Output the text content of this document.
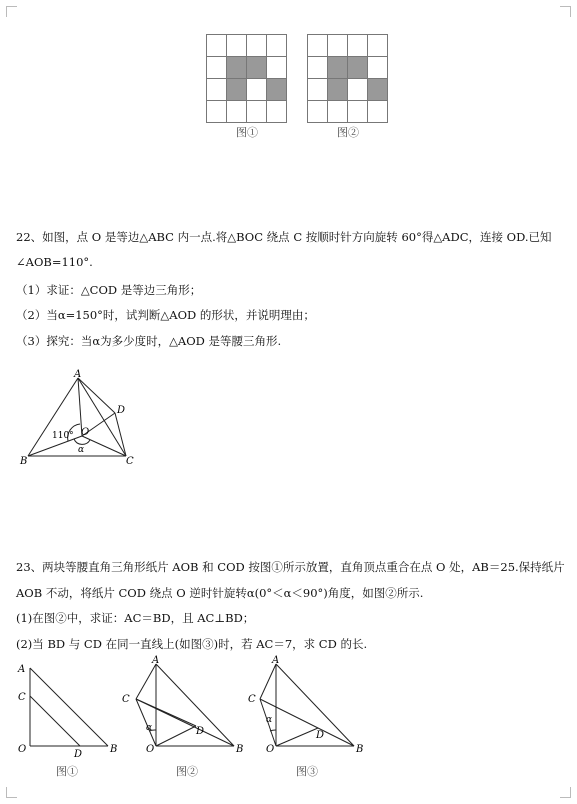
图①	图②
22、如图，点 O 是等边△ABC 内一点.将△BOC 绕点 C 按顺时针方向旋转 60°得△ADC，连接 OD.已知
∠AOB=110°.
（1）求证：△COD 是等边三角形；
（2）当α=150°时，试判断△AOD 的形状，并说明理由；
（3）探究：当α为多少度时，△AOD 是等腰三角形.
A
B	C
D
O
110°
α
23、两块等腰直角三角形纸片 AOB 和 COD 按图①所示放置，直角顶点重合在点 O 处，AB＝25.保持纸片
AOB 不动，将纸片 COD 绕点 O 逆时针旋转α(0°＜α＜90°)角度，如图②所示.
(1)在图②中，求证：AC＝BD，且 AC⊥BD；
(2)当 BD 与 CD 在同一直线上(如图③)时，若 AC＝7，求 CD 的长.
A
C
O	D	B
图①
A
C
α	D
O	B
图②
A
C
α
D
O	B
图③
